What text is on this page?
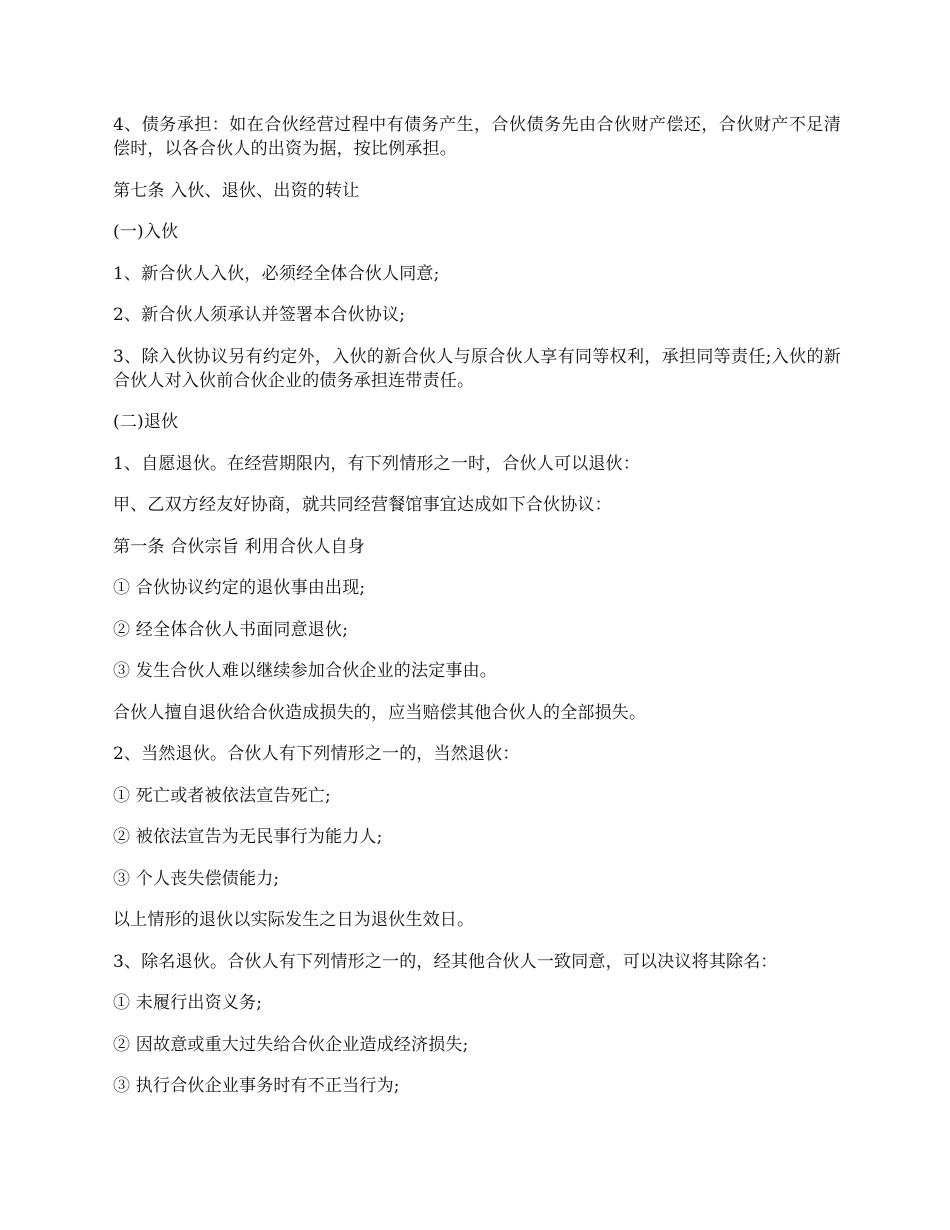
4、债务承担：如在合伙经营过程中有债务产生，合伙债务先由合伙财产偿还，合伙财产不足清偿时，以各合伙人的出资为据，按比例承担。

第七条 入伙、退伙、出资的转让

(一)入伙

1、新合伙人入伙，必须经全体合伙人同意;

2、新合伙人须承认并签署本合伙协议;

3、除入伙协议另有约定外，入伙的新合伙人与原合伙人享有同等权利，承担同等责任;入伙的新合伙人对入伙前合伙企业的债务承担连带责任。

(二)退伙

1、自愿退伙。在经营期限内，有下列情形之一时，合伙人可以退伙：

甲、乙双方经友好协商，就共同经营餐馆事宜达成如下合伙协议：

第一条 合伙宗旨 利用合伙人自身

① 合伙协议约定的退伙事由出现;

② 经全体合伙人书面同意退伙;

③ 发生合伙人难以继续参加合伙企业的法定事由。

合伙人擅自退伙给合伙造成损失的，应当赔偿其他合伙人的全部损失。

2、当然退伙。合伙人有下列情形之一的，当然退伙：

① 死亡或者被依法宣告死亡;

② 被依法宣告为无民事行为能力人;

③ 个人丧失偿债能力;

以上情形的退伙以实际发生之日为退伙生效日。

3、除名退伙。合伙人有下列情形之一的，经其他合伙人一致同意，可以决议将其除名：

① 未履行出资义务;

② 因故意或重大过失给合伙企业造成经济损失;

③ 执行合伙企业事务时有不正当行为;
